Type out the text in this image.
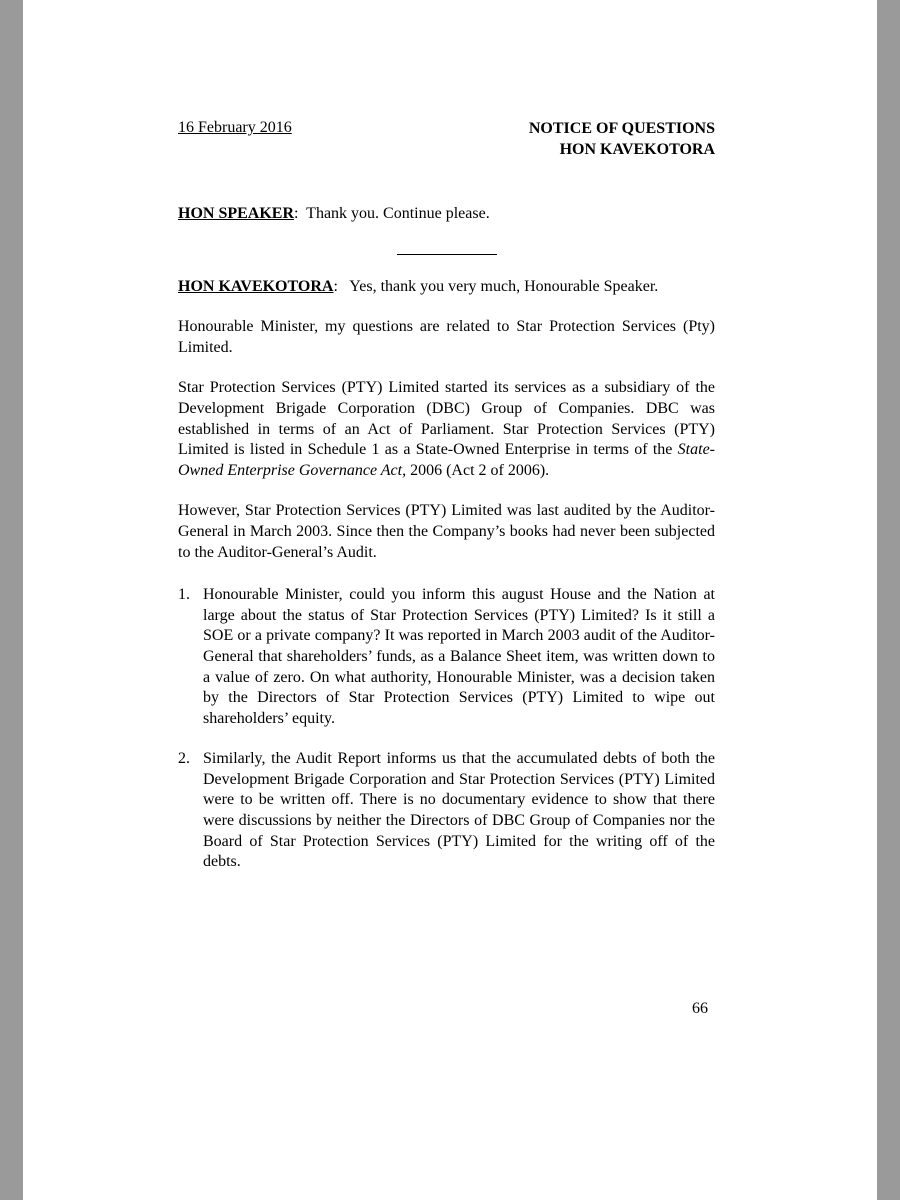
16 February 2016	NOTICE OF QUESTIONS
HON KAVEKOTORA
HON SPEAKER:  Thank you. Continue please.

HON KAVEKOTORA:   Yes, thank you very much, Honourable Speaker.

Honourable Minister, my questions are related to Star Protection Services (Pty) Limited.

Star Protection Services (PTY) Limited started its services as a subsidiary of the Development Brigade Corporation (DBC) Group of Companies. DBC was established in terms of an Act of Parliament. Star Protection Services (PTY) Limited is listed in Schedule 1 as a State-Owned Enterprise in terms of the State-Owned Enterprise Governance Act, 2006 (Act 2 of 2006).

However, Star Protection Services (PTY) Limited was last audited by the Auditor-General in March 2003. Since then the Company’s books had never been subjected to the Auditor-General’s Audit.

1. Honourable Minister, could you inform this august House and the Nation at large about the status of Star Protection Services (PTY) Limited? Is it still a SOE or a private company? It was reported in March 2003 audit of the Auditor-General that shareholders’ funds, as a Balance Sheet item, was written down to a value of zero. On what authority, Honourable Minister, was a decision taken by the Directors of Star Protection Services (PTY) Limited to wipe out shareholders’ equity.
2. Similarly, the Audit Report informs us that the accumulated debts of both the Development Brigade Corporation and Star Protection Services (PTY) Limited were to be written off. There is no documentary evidence to show that there were discussions by neither the Directors of DBC Group of Companies nor the Board of Star Protection Services (PTY) Limited for the writing off of the debts.
66
